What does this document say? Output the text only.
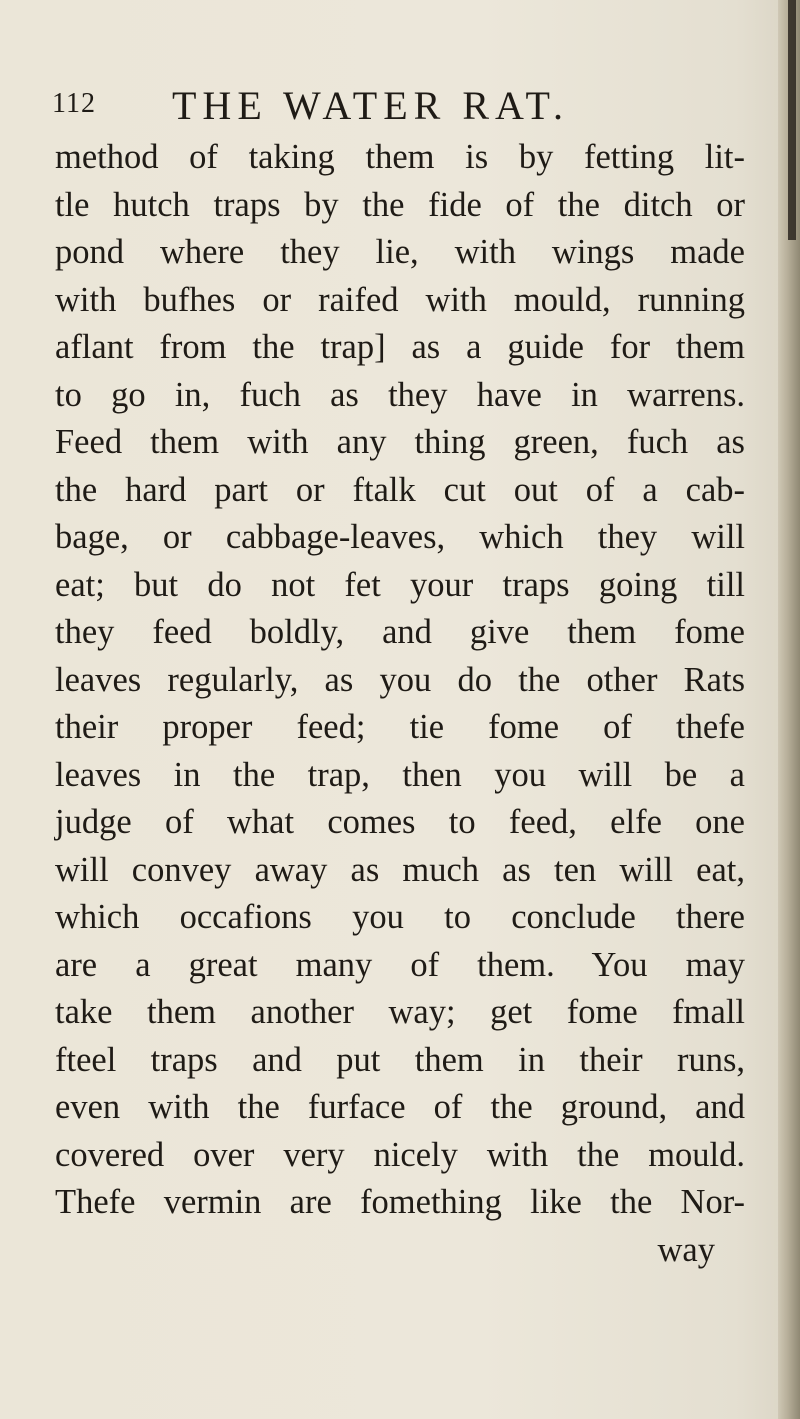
112 THE WATER RAT.
method of taking them is by fetting lit-
tle hutch traps by the fide of the ditch or
pond where they lie, with wings made
with bufhes or raifed with mould, running
aflant from the trap] as a guide for them
to go in, fuch as they have in warrens.
Feed them with any thing green, fuch as
the hard part or ftalk cut out of a cab-
bage, or cabbage-leaves, which they will
eat; but do not fet your traps going till
they feed boldly, and give them fome
leaves regularly, as you do the other Rats
their proper feed; tie fome of thefe
leaves in the trap, then you will be a
judge of what comes to feed, elfe one
will convey away as much as ten will eat,
which occafions you to conclude there
are a great many of them. You may
take them another way; get fome fmall
fteel traps and put them in their runs,
even with the furface of the ground, and
covered over very nicely with the mould.
Thefe vermin are fomething like the Nor-
way
